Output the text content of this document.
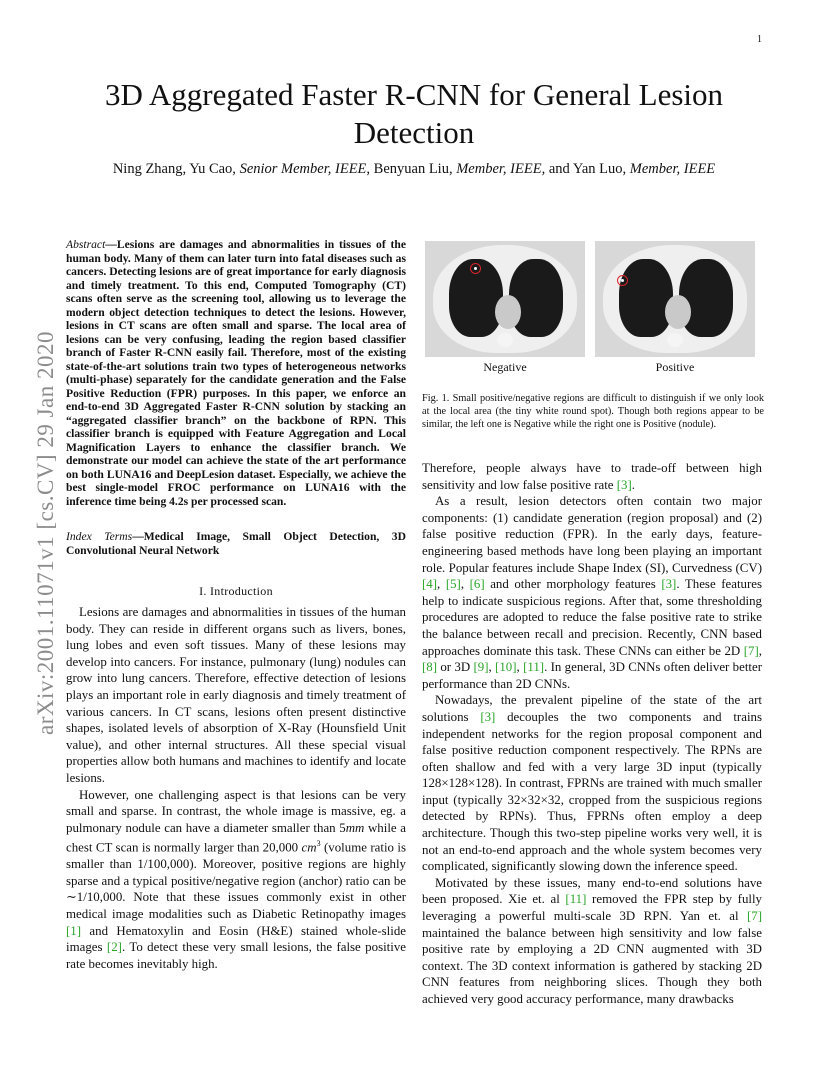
1
3D Aggregated Faster R-CNN for General Lesion Detection
Ning Zhang, Yu Cao, Senior Member, IEEE, Benyuan Liu, Member, IEEE, and Yan Luo, Member, IEEE
arXiv:2001.11071v1 [cs.CV] 29 Jan 2020
Abstract—Lesions are damages and abnormalities in tissues of the human body. Many of them can later turn into fatal diseases such as cancers. Detecting lesions are of great importance for early diagnosis and timely treatment. To this end, Computed Tomography (CT) scans often serve as the screening tool, allowing us to leverage the modern object detection techniques to detect the lesions. However, lesions in CT scans are often small and sparse. The local area of lesions can be very confusing, leading the region based classifier branch of Faster R-CNN easily fail. Therefore, most of the existing state-of-the-art solutions train two types of heterogeneous networks (multi-phase) separately for the candidate generation and the False Positive Reduction (FPR) purposes. In this paper, we enforce an end-to-end 3D Aggregated Faster R-CNN solution by stacking an “aggregated classifier branch” on the backbone of RPN. This classifier branch is equipped with Feature Aggregation and Local Magnification Layers to enhance the classifier branch. We demonstrate our model can achieve the state of the art performance on both LUNA16 and DeepLesion dataset. Especially, we achieve the best single-model FROC performance on LUNA16 with the inference time being 4.2s per processed scan.
Index Terms—Medical Image, Small Object Detection, 3D Convolutional Neural Network
I. Introduction

Lesions are damages and abnormalities in tissues of the human body. They can reside in different organs such as livers, bones, lung lobes and even soft tissues. Many of these lesions may develop into cancers. For instance, pulmonary (lung) nodules can grow into lung cancers. Therefore, effective detection of lesions plays an important role in early diagnosis and timely treatment of various cancers. In CT scans, lesions often present distinctive shapes, isolated levels of absorption of X-Ray (Hounsfield Unit value), and other internal structures. All these special visual properties allow both humans and machines to identify and locate lesions.

However, one challenging aspect is that lesions can be very small and sparse. In contrast, the whole image is massive, eg. a pulmonary nodule can have a diameter smaller than 5mm while a chest CT scan is normally larger than 20,000 $cm^3$ (volume ratio is smaller than 1/100,000). Moreover, positive regions are highly sparse and a typical positive/negative region (anchor) ratio can be ∼1/10,000. Note that these issues commonly exist in other medical image modalities such as Diabetic Retinopathy images [1] and Hematoxylin and Eosin (H&E) stained whole-slide images [2]. To detect these very small lesions, the false positive rate becomes inevitably high.

Negative	Positive
Fig. 1. Small positive/negative regions are difficult to distinguish if we only look at the local area (the tiny white round spot). Though both regions appear to be similar, the left one is Negative while the right one is Positive (nodule).

Therefore, people always have to trade-off between high sensitivity and low false positive rate [3].

As a result, lesion detectors often contain two major components: (1) candidate generation (region proposal) and (2) false positive reduction (FPR). In the early days, feature-engineering based methods have long been playing an important role. Popular features include Shape Index (SI), Curvedness (CV) [4], [5], [6] and other morphology features [3]. These features help to indicate suspicious regions. After that, some thresholding procedures are adopted to reduce the false positive rate to strike the balance between recall and precision. Recently, CNN based approaches dominate this task. These CNNs can either be 2D [7], [8] or 3D [9], [10], [11]. In general, 3D CNNs often deliver better performance than 2D CNNs.

Nowadays, the prevalent pipeline of the state of the art solutions [3] decouples the two components and trains independent networks for the region proposal component and false positive reduction component respectively. The RPNs are often shallow and fed with a very large 3D input (typically 128×128×128). In contrast, FPRNs are trained with much smaller input (typically 32×32×32, cropped from the suspicious regions detected by RPNs). Thus, FPRNs often employ a deep architecture. Though this two-step pipeline works very well, it is not an end-to-end approach and the whole system becomes very complicated, significantly slowing down the inference speed.

Motivated by these issues, many end-to-end solutions have been proposed. Xie et. al [11] removed the FPR step by fully leveraging a powerful multi-scale 3D RPN. Yan et. al [7] maintained the balance between high sensitivity and low false positive rate by employing a 2D CNN augmented with 3D context. The 3D context information is gathered by stacking 2D CNN features from neighboring slices. Though they both achieved very good accuracy performance, many drawbacks
